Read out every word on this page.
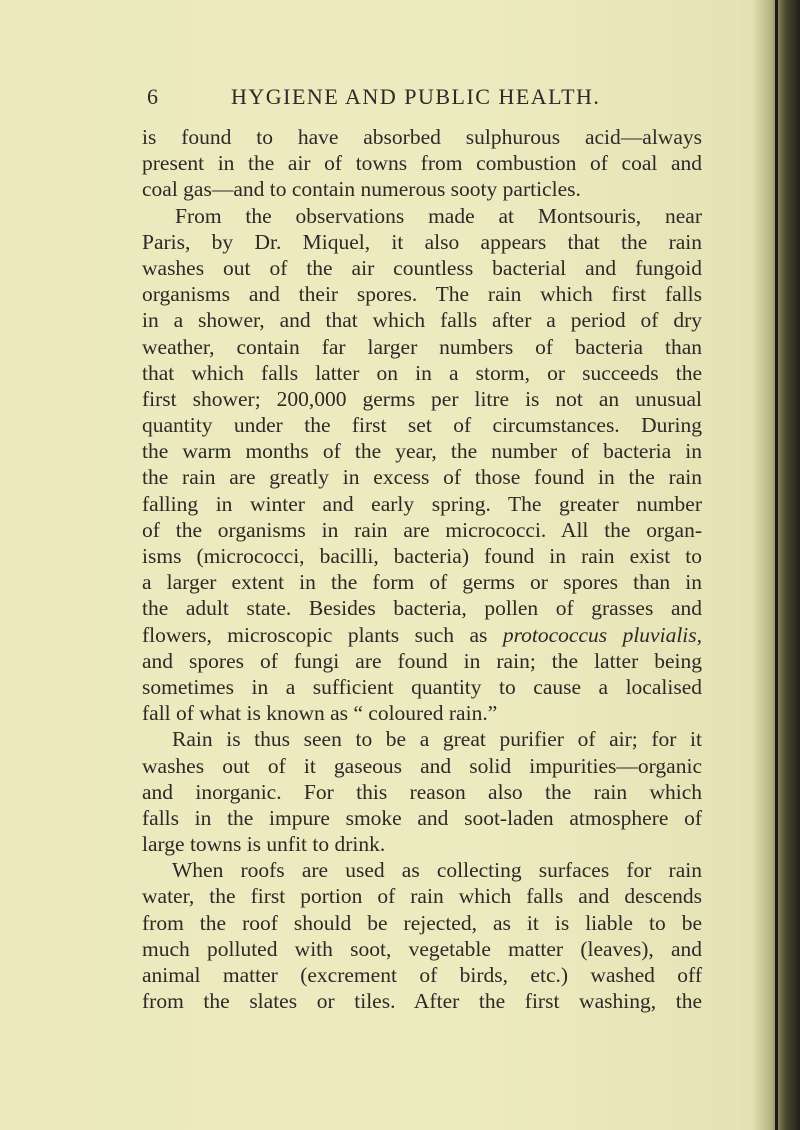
6	HYGIENE AND PUBLIC HEALTH.
is found to have absorbed sulphurous acid—always
present in the air of towns from combustion of coal and
coal gas—and to contain numerous sooty particles.
From the observations made at Montsouris, near
Paris, by Dr. Miquel, it also appears that the rain
washes out of the air countless bacterial and fungoid
organisms and their spores. The rain which first falls
in a shower, and that which falls after a period of dry
weather, contain far larger numbers of bacteria than
that which falls latter on in a storm, or succeeds the
first shower; 200,000 germs per litre is not an unusual
quantity under the first set of circumstances. During
the warm months of the year, the number of bacteria in
the rain are greatly in excess of those found in the rain
falling in winter and early spring. The greater number
of the organisms in rain are micrococci. All the organ-
isms (micrococci, bacilli, bacteria) found in rain exist to
a larger extent in the form of germs or spores than in
the adult state. Besides bacteria, pollen of grasses and
flowers, microscopic plants such as protococcus pluvialis,
and spores of fungi are found in rain; the latter being
sometimes in a sufficient quantity to cause a localised
fall of what is known as “ coloured rain.”
Rain is thus seen to be a great purifier of air; for it
washes out of it gaseous and solid impurities—organic
and inorganic. For this reason also the rain which
falls in the impure smoke and soot-laden atmosphere of
large towns is unfit to drink.
When roofs are used as collecting surfaces for rain
water, the first portion of rain which falls and descends
from the roof should be rejected, as it is liable to be
much polluted with soot, vegetable matter (leaves), and
animal matter (excrement of birds, etc.) washed off
from the slates or tiles. After the first washing, the
